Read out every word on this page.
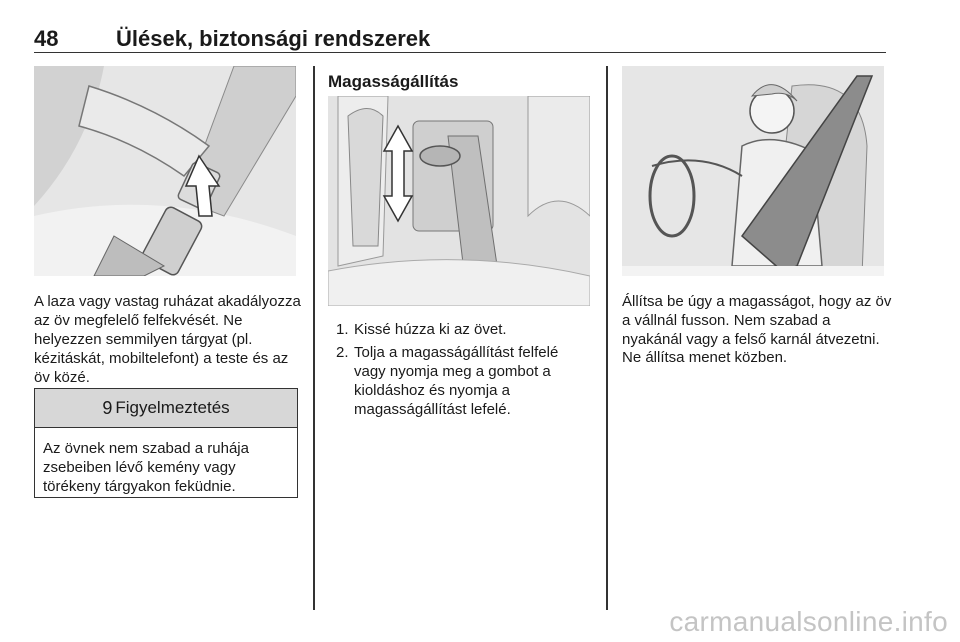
48	Ülések, biztonsági rendszerek

A laza vagy vastag ruházat akadályozza az öv megfelelő felfekvését. Ne helyezzen semmilyen tárgyat (pl. kézitáskát, mobiltelefont) a teste és az öv közé.

9 Figyelmeztetés

Az övnek nem szabad a ruhája zsebeiben lévő kemény vagy törékeny tárgyakon feküdnie.

Magasságállítás

1. Kissé húzza ki az övet.
2. Tolja a magasságállítást felfelé vagy nyomja meg a gombot a kioldáshoz és nyomja a magasságállítást lefelé.

Állítsa be úgy a magasságot, hogy az öv a vállnál fusson. Nem szabad a nyakánál vagy a felső karnál átvezetni.

Ne állítsa menet közben.

carmanualsonline.info
